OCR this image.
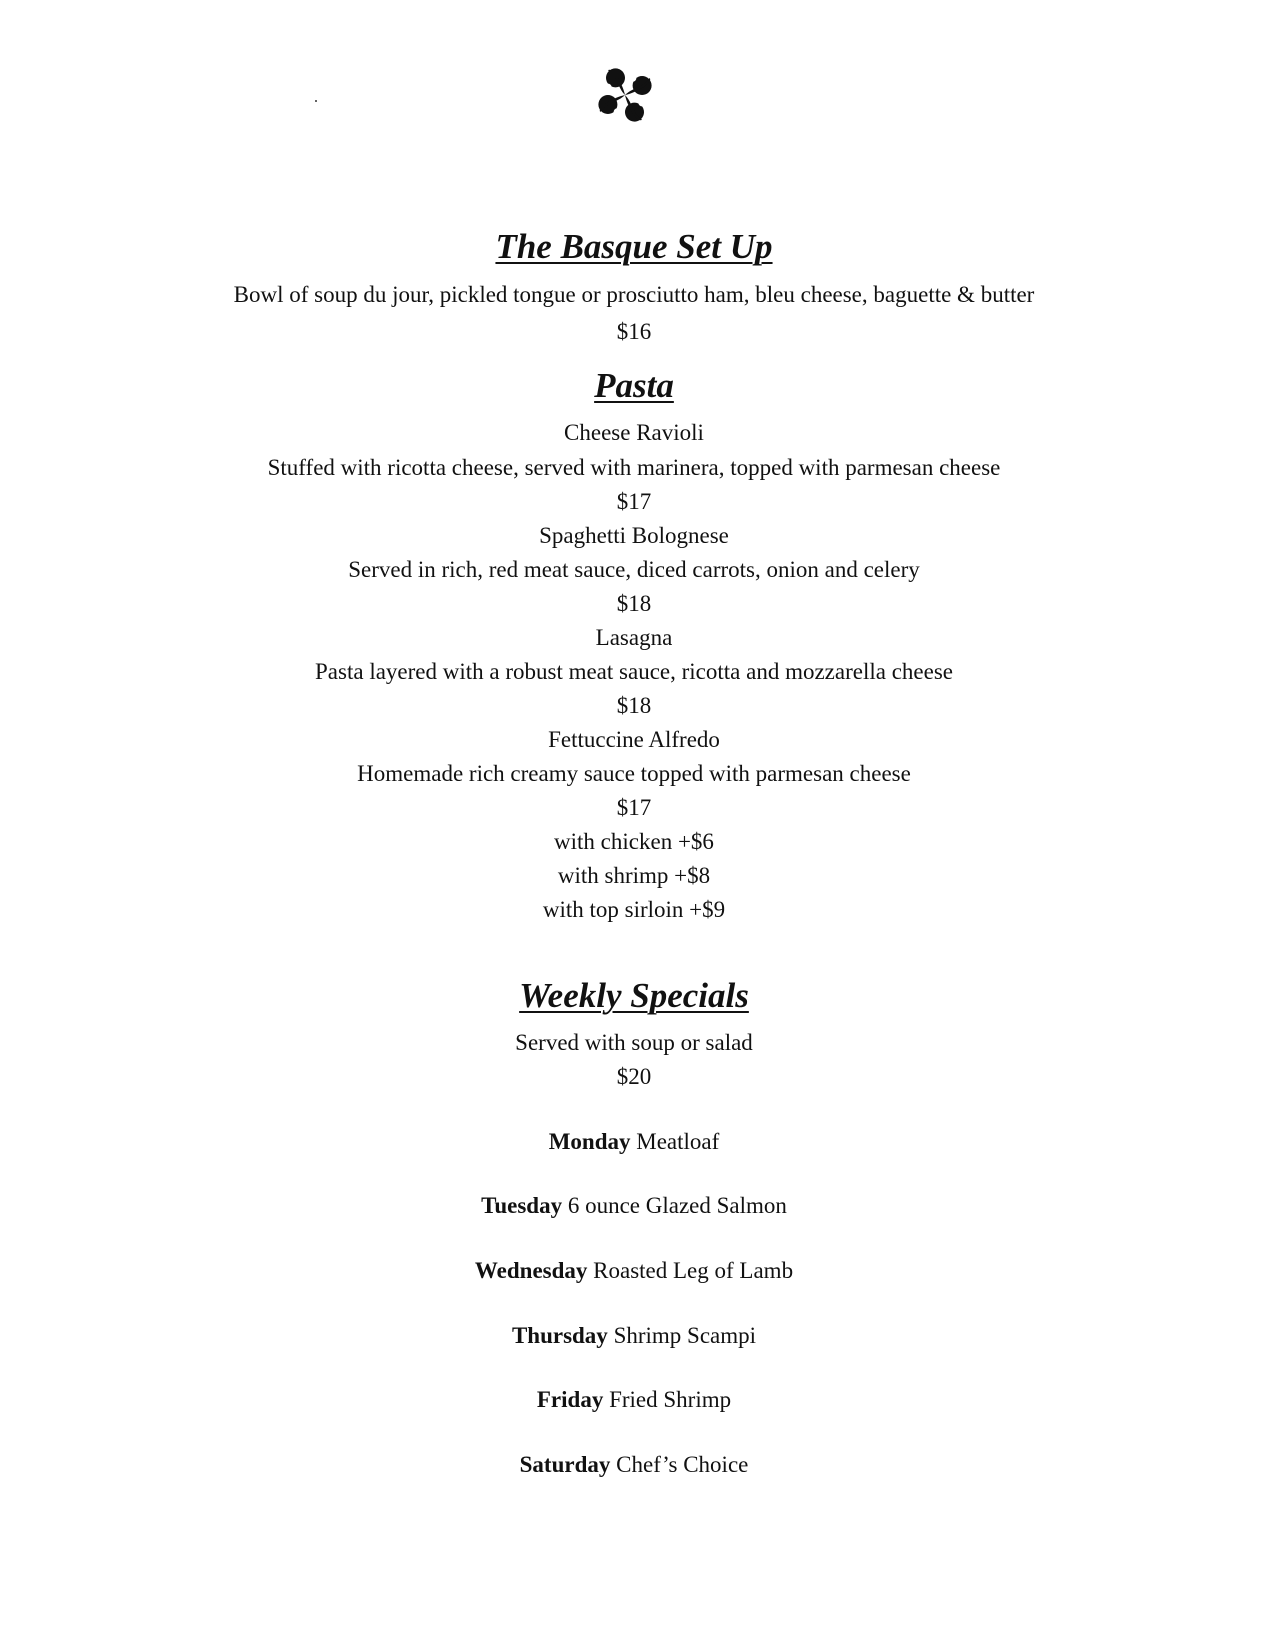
The Basque Set Up
Bowl of soup du jour, pickled tongue or prosciutto ham, bleu cheese, baguette & butter
$16
Pasta
Cheese Ravioli
Stuffed with ricotta cheese, served with marinera, topped with parmesan cheese
$17
Spaghetti Bolognese
Served in rich, red meat sauce, diced carrots, onion and celery
$18
Lasagna
Pasta layered with a robust meat sauce, ricotta and mozzarella cheese
$18
Fettuccine Alfredo
Homemade rich creamy sauce topped with parmesan cheese
$17
with chicken +$6
with shrimp +$8
with top sirloin +$9
Weekly Specials
Served with soup or salad
$20
Monday Meatloaf
Tuesday 6 ounce Glazed Salmon
Wednesday Roasted Leg of Lamb
Thursday Shrimp Scampi
Friday Fried Shrimp
Saturday Chef’s Choice
